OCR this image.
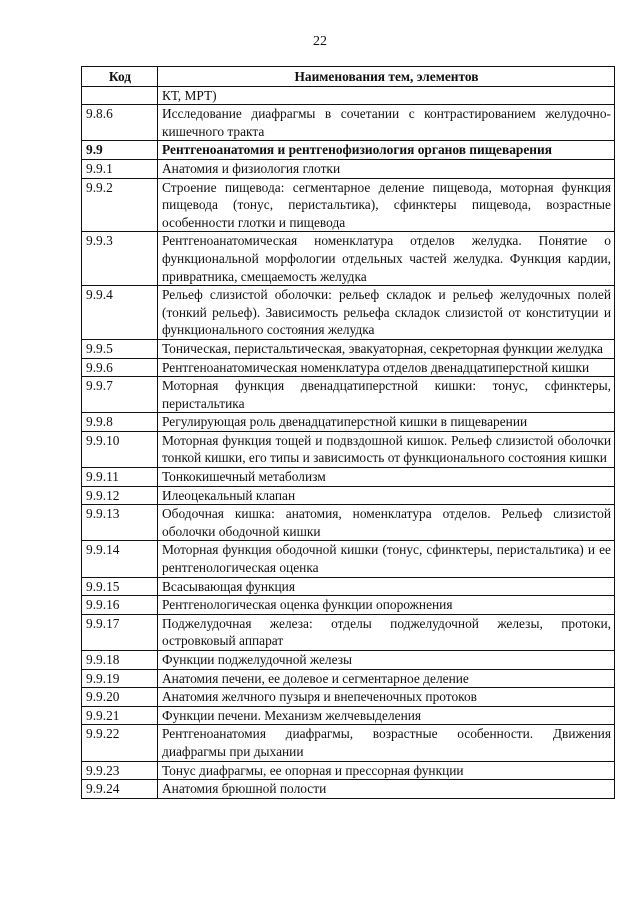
22
Код	Наименования тем, элементов
	КТ, МРТ)
9.8.6	Исследование диафрагмы в сочетании с контрастированием желудочно-кишечного тракта
9.9	Рентгеноанатомия и рентгенофизиология органов пищеварения
9.9.1	Анатомия и физиология глотки
9.9.2	Строение пищевода: сегментарное деление пищевода, моторная функция пищевода (тонус, перистальтика), сфинктеры пищевода, возрастные особенности глотки и пищевода
9.9.3	Рентгеноанатомическая номенклатура отделов желудка. Понятие о функциональной морфологии отдельных частей желудка. Функция кардии, привратника, смещаемость желудка
9.9.4	Рельеф слизистой оболочки: рельеф складок и рельеф желудочных полей (тонкий рельеф). Зависимость рельефа складок слизистой от конституции и функционального состояния желудка
9.9.5	Тоническая, перистальтическая, эвакуаторная, секреторная функции желудка
9.9.6	Рентгеноанатомическая номенклатура отделов двенадцатиперстной кишки
9.9.7	Моторная функция двенадцатиперстной кишки: тонус, сфинктеры, перистальтика
9.9.8	Регулирующая роль двенадцатиперстной кишки в пищеварении
9.9.10	Моторная функция тощей и подвздошной кишок. Рельеф слизистой оболочки тонкой кишки, его типы и зависимость от функционального состояния кишки
9.9.11	Тонкокишечный метаболизм
9.9.12	Илеоцекальный клапан
9.9.13	Ободочная кишка: анатомия, номенклатура отделов. Рельеф слизистой оболочки ободочной кишки
9.9.14	Моторная функция ободочной кишки (тонус, сфинктеры, перистальтика) и ее рентгенологическая оценка
9.9.15	Всасывающая функция
9.9.16	Рентгенологическая оценка функции опорожнения
9.9.17	Поджелудочная железа: отделы поджелудочной железы, протоки, островковый аппарат
9.9.18	Функции поджелудочной железы
9.9.19	Анатомия печени, ее долевое и сегментарное деление
9.9.20	Анатомия желчного пузыря и внепеченочных протоков
9.9.21	Функции печени. Механизм желчевыделения
9.9.22	Рентгеноанатомия диафрагмы, возрастные особенности. Движения диафрагмы при дыхании
9.9.23	Тонус диафрагмы, ее опорная и прессорная функции
9.9.24	Анатомия брюшной полости
